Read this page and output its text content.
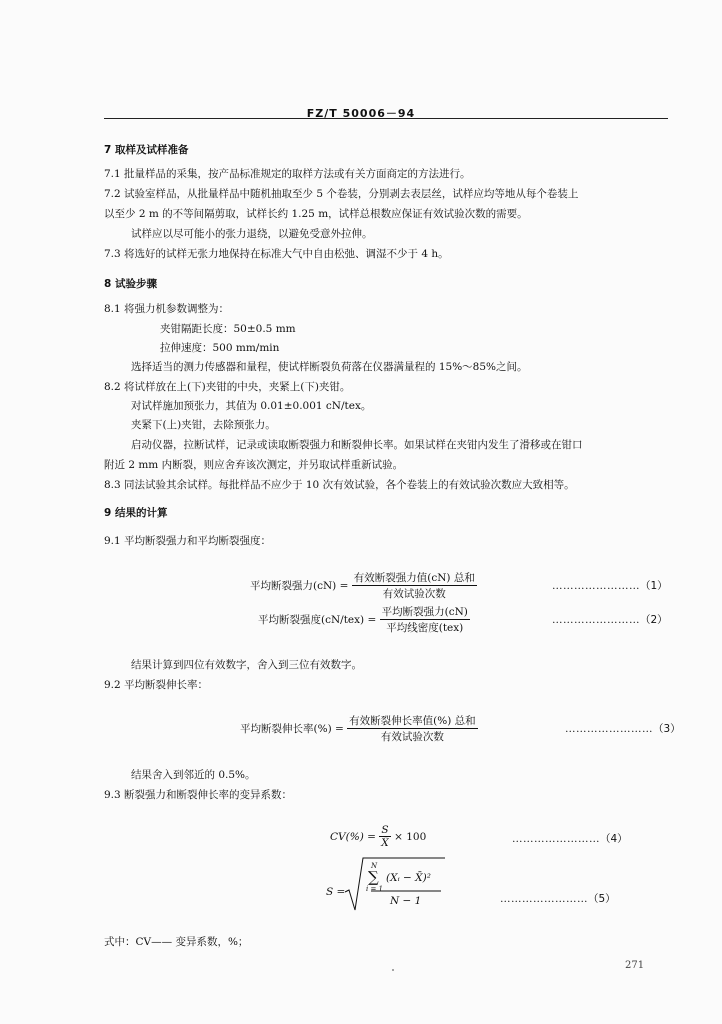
FZ/T 50006－94
7 取样及试样准备
7.1 批量样品的采集，按产品标准规定的取样方法或有关方面商定的方法进行。
7.2 试验室样品，从批量样品中随机抽取至少 5 个卷装，分别剥去表层丝，试样应均等地从每个卷装上
以至少 2 m 的不等间隔剪取，试样长约 1.25 m，试样总根数应保证有效试验次数的需要。
试样应以尽可能小的张力退绕，以避免受意外拉伸。
7.3 将选好的试样无张力地保持在标准大气中自由松弛、调湿不少于 4 h。
8 试验步骤
8.1 将强力机参数调整为：
夹钳隔距长度：50±0.5 mm
拉伸速度：500 mm/min
选择适当的测力传感器和量程，使试样断裂负荷落在仪器满量程的 15%～85%之间。
8.2 将试样放在上(下)夹钳的中央，夹紧上(下)夹钳。
对试样施加预张力，其值为 0.01±0.001 cN/tex。
夹紧下(上)夹钳，去除预张力。
启动仪器，拉断试样，记录或读取断裂强力和断裂伸长率。如果试样在夹钳内发生了滑移或在钳口
附近 2 mm 内断裂，则应舍弃该次测定，并另取试样重新试验。
8.3 同法试验其余试样。每批样品不应少于 10 次有效试验，各个卷装上的有效试验次数应大致相等。
9 结果的计算
9.1 平均断裂强力和平均断裂强度：
平均断裂强力$(cN) = \frac{\text{有效断裂强力值(cN) 总和}}{\text{有效试验次数}}$	……………………（1）
平均断裂强度$(cN/tex) = \frac{\text{平均断裂强力(cN)}}{\text{平均线密度(tex)}}$	……………………（2）
结果计算到四位有效数字，舍入到三位有效数字。
9.2 平均断裂伸长率：
平均断裂伸长率(%) = $\frac{\text{有效断裂伸长率值(\%) 总和}}{\text{有效试验次数}}$	……………………（3）
结果舍入到邻近的 0.5%。
9.3 断裂强力和断裂伸长率的变异系数：
$CV(\%) = \frac{S}{X̄} \times 100$	……………………（4）
S =
N
∑
i = 1
(Xᵢ − X̄)²
N − 1	……………………（5）
式中：CV—— 变异系数，%；
271
